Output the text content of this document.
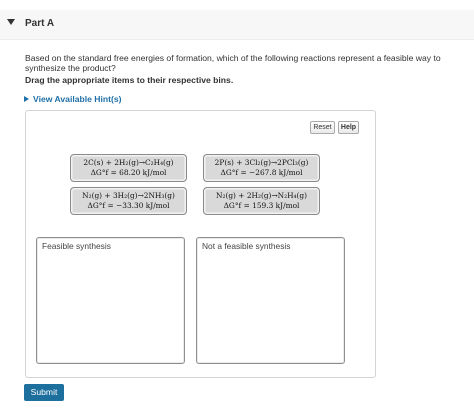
Part A
Based on the standard free energies of formation, which of the following reactions represent a feasible way to synthesize the product?
Drag the appropriate items to their respective bins.
View Available Hint(s)
Reset	Help
2C(s) + 2H₂(g)→C₂H₄(g)
ΔG°f = 68.20 kJ/mol
2P(s) + 3Cl₂(g)→2PCl₃(g)
ΔG°f = −267.8 kJ/mol
N₂(g) + 3H₂(g)→2NH₃(g)
ΔG°f = −33.30 kJ/mol
N₂(g) + 2H₂(g)→N₂H₄(g)
ΔG°f = 159.3 kJ/mol
Feasible synthesis	Not a feasible synthesis
Submit
